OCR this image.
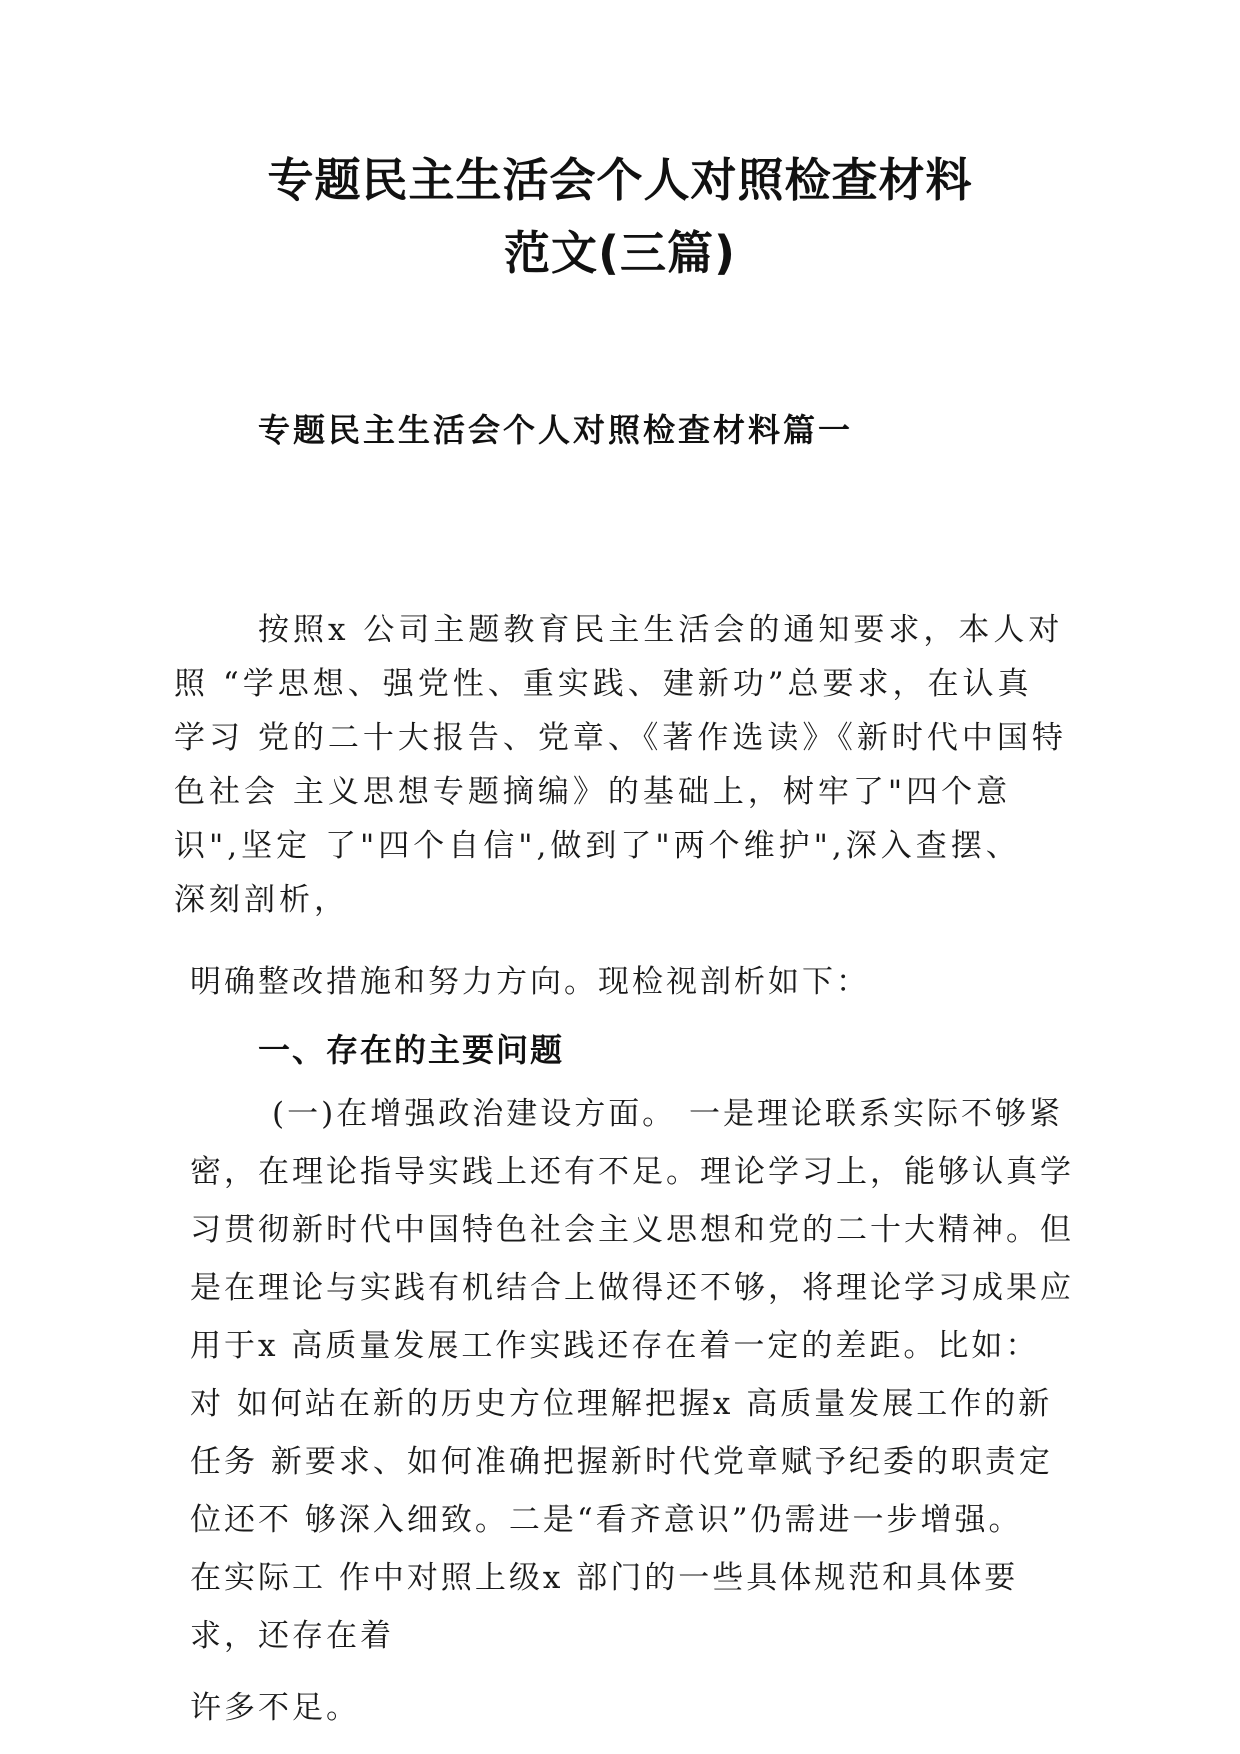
专题民主生活会个人对照检查材料
范文(三篇)
专题民主生活会个人对照检查材料篇一
按照x 公司主题教育民主生活会的通知要求，本人对
照 “学思想、强党性、重实践、建新功”总要求，在认真
学习 党的二十大报告、党章、《著作选读》《新时代中国特
色社会 主义思想专题摘编》的基础上，树牢了"四个意
识",坚定 了"四个自信",做到了"两个维护",深入查摆、
深刻剖析，
明确整改措施和努力方向。现检视剖析如下：
一、存在的主要问题
(一)在增强政治建设方面。 一是理论联系实际不够紧
密，在理论指导实践上还有不足。理论学习上，能够认真学
习贯彻新时代中国特色社会主义思想和党的二十大精神。但
是在理论与实践有机结合上做得还不够，将理论学习成果应
用于x 高质量发展工作实践还存在着一定的差距。比如：
对 如何站在新的历史方位理解把握x 高质量发展工作的新
任务 新要求、如何准确把握新时代党章赋予纪委的职责定
位还不 够深入细致。二是“看齐意识”仍需进一步增强。
在实际工 作中对照上级x 部门的一些具体规范和具体要
求，还存在着
许多不足。
